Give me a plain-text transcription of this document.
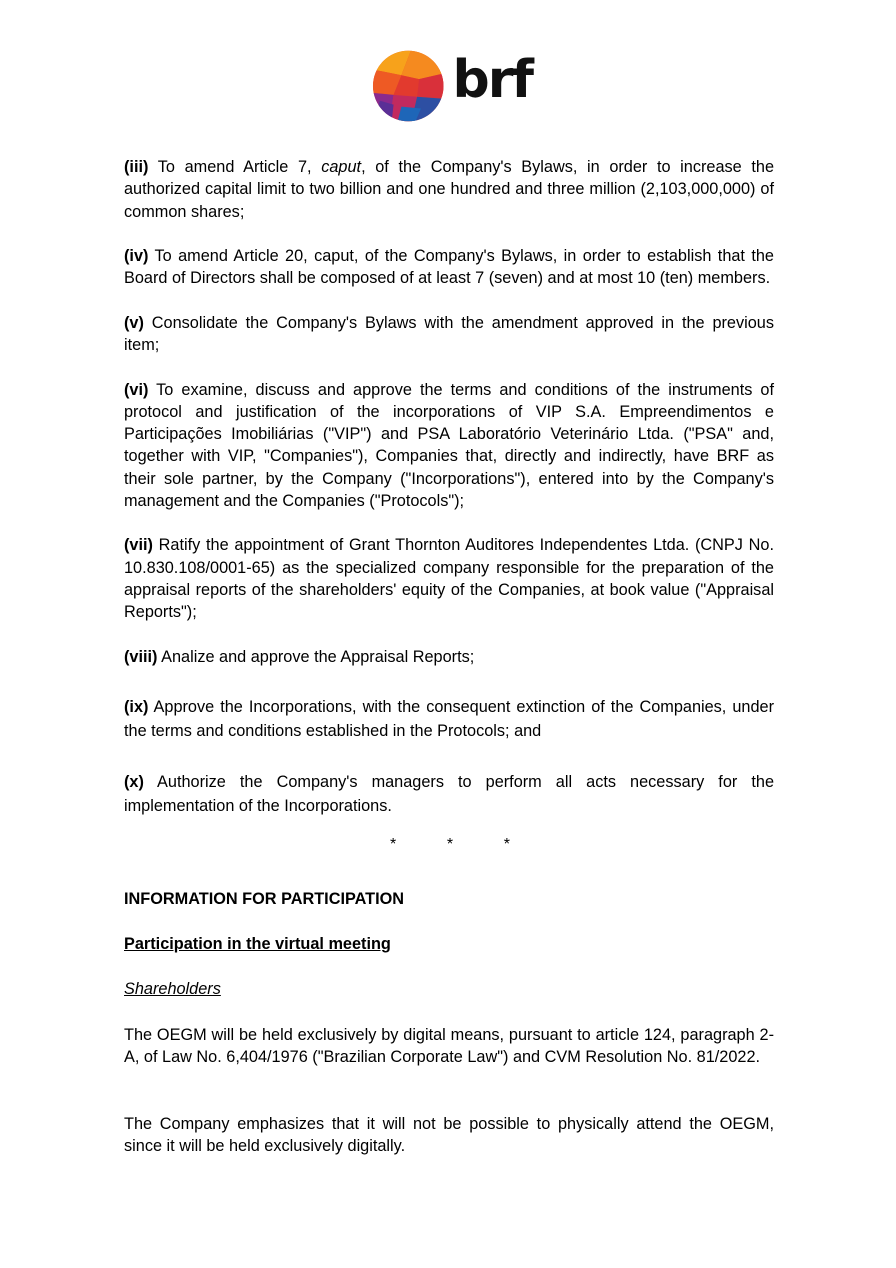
brf

(iii) To amend Article 7, caput, of the Company's Bylaws, in order to increase the authorized capital limit to two billion and one hundred and three million (2,103,000,000) of common shares;

(iv) To amend Article 20, caput, of the Company's Bylaws, in order to establish that the Board of Directors shall be composed of at least 7 (seven) and at most 10 (ten) members.

(v) Consolidate the Company's Bylaws with the amendment approved in the previous item;

(vi) To examine, discuss and approve the terms and conditions of the instruments of protocol and justification of the incorporations of VIP S.A. Empreendimentos e Participações Imobiliárias ("VIP") and PSA Laboratório Veterinário Ltda. ("PSA" and, together with VIP, "Companies"), Companies that, directly and indirectly, have BRF as their sole partner, by the Company ("Incorporations"), entered into by the Company's management and the Companies ("Protocols");

(vii) Ratify the appointment of Grant Thornton Auditores Independentes Ltda. (CNPJ No. 10.830.108/0001-65) as the specialized company responsible for the preparation of the appraisal reports of the shareholders' equity of the Companies, at book value ("Appraisal Reports");

(viii) Analize and approve the Appraisal Reports;

(ix) Approve the Incorporations, with the consequent extinction of the Companies, under the terms and conditions established in the Protocols; and

(x) Authorize the Company's managers to perform all acts necessary for the implementation of the Incorporations.

*	*	*

INFORMATION FOR PARTICIPATION

Participation in the virtual meeting

Shareholders

The OEGM will be held exclusively by digital means, pursuant to article 124, paragraph 2-A, of Law No. 6,404/1976 ("Brazilian Corporate Law") and CVM Resolution No. 81/2022.

The Company emphasizes that it will not be possible to physically attend the OEGM, since it will be held exclusively digitally.
